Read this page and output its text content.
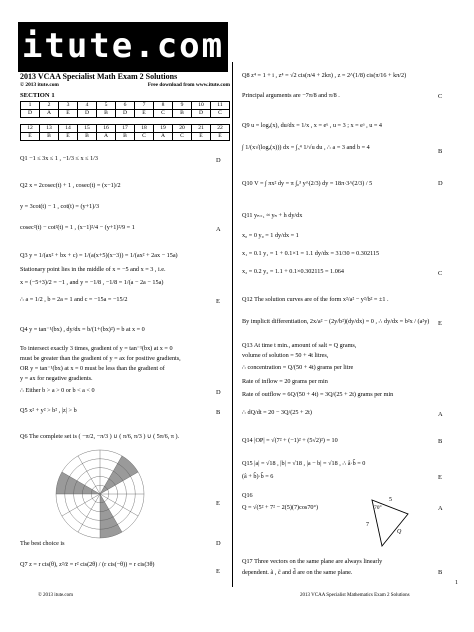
itute.com
2013 VCAA Specialist Math Exam 2 Solutions
© 2013 itute.com	Free download from www.itute.com
SECTION 1
1	2	3	4	5	6	7	8	9	10	11
D	A	E	D	B	D	E	C	B	D	C
12	13	14	15	16	17	18	19	20	21	22
E	B	E	B	A	B	C	A	C	E	E
Q1 −1 ≤ 3x ≤ 1 , −1/3 ≤ x ≤ 1/3	D
Q2 x = 2cosec(t) + 1 , cosec(t) = (x−1)/2
y = 3cot(t) − 1 , cot(t) = (y+1)/3
cosec²(t) − cot²(t) = 1 , (x−1)²/4 − (y+1)²/9 = 1	A
Q3 y = 1/(ax² + bx + c) = 1/(a(x+5)(x−3)) = 1/(ax² + 2ax − 15a)
Stationary point lies in the middle of x = −5 and x = 3 , i.e.
x = (−5+3)/2 = −1 , and y = −1/8 , −1/8 = 1/(a − 2a − 15a)
∴ a = 1/2 , b = 2a = 1 and c = −15a = −15/2	E
Q4 y = tan⁻¹(bx) , dy/dx = b/(1+(bx)²) = b at x = 0
To intersect exactly 3 times, gradient of y = tan⁻¹(bx) at x = 0
must be greater than the gradient of y = ax for positive gradients,
OR y = tan⁻¹(bx) at x = 0 must be less than the gradient of
y = ax for negative gradients.
∴ Either b > a > 0 or b < a < 0	D
Q5 x² + y² > b² , |z| > b	B
Q6 The complete set is ( −π/2, −π/3 ) ∪ ( π/6, π/3 ) ∪ ( 5π/6, π ).
E
The best choice is	D
Q7 z = r cis(θ), z²/z̄ = r² cis(2θ) / (r cis(−θ)) = r cis(3θ)
E
Q8 z⁴ = 1 + i , z⁴ = √2 cis(π/4 + 2kπ) , z = 2^(1/8) cis(π/16 + kπ/2)
Principal arguments are −7π/8 and π/8 .	C
Q9 u = logₑ(x), du/dx = 1/x , x = eᵘ , u = 3 ; x = eᵃ , u = 4
∫ 1/(x√(logₑ(x))) dx = ∫₃⁴ 1/√u du , ∴ a = 3 and b = 4
B
Q10 V = ∫ πx² dy = π ∫₀³ y^(2/3) dy = 18π·3^(2/3) / 5	D
Q11 yₙ₊₁ ≈ yₙ + h dy/dx
x₀ = 0 y₀ = 1 dy/dx = 1
x₁ = 0.1 y₁ = 1 + 0.1×1 = 1.1 dy/dx = 31/30 = 0.302115
x₂ = 0.2 y₂ = 1.1 + 0.1×0.302115 = 1.064	C
Q12 The solution curves are of the form x²/a² − y²/b² = ±1 .
By implicit differentiation, 2x/a² − (2y/b²)(dy/dx) = 0 , ∴ dy/dx = b²x / (a²y)	E
Q13 At time t min., amount of salt = Q grams,
volume of solution = 50 + 4t litres,
∴ concentration = Q/(50 + 4t) grams per litre
Rate of inflow = 20 grams per min
Rate of outflow = 6Q/(50 + 4t) = 3Q/(25 + 2t) grams per min
∴ dQ/dt = 20 − 3Q/(25 + 2t)	A
Q14 |OP| = √(7² + (−1)² + (5√2)²) = 10	B
Q15 |a| = √18 , |b| = √18 , |a − b| = √18 , ∴ â·b̂ = 0
(â + b̂)·b̂ = 6	E
Q16
Q = √(5² + 7² − 2(5)(7)cos70°)	A
5
7
70°
Q
Q17 Three vectors on the same plane are always linearly
dependent. ã , c̃ and d̃ are on the same plane.	B
1
© 2013 itute.com	2013 VCAA Specialist Mathematics Exam 2 Solutions
